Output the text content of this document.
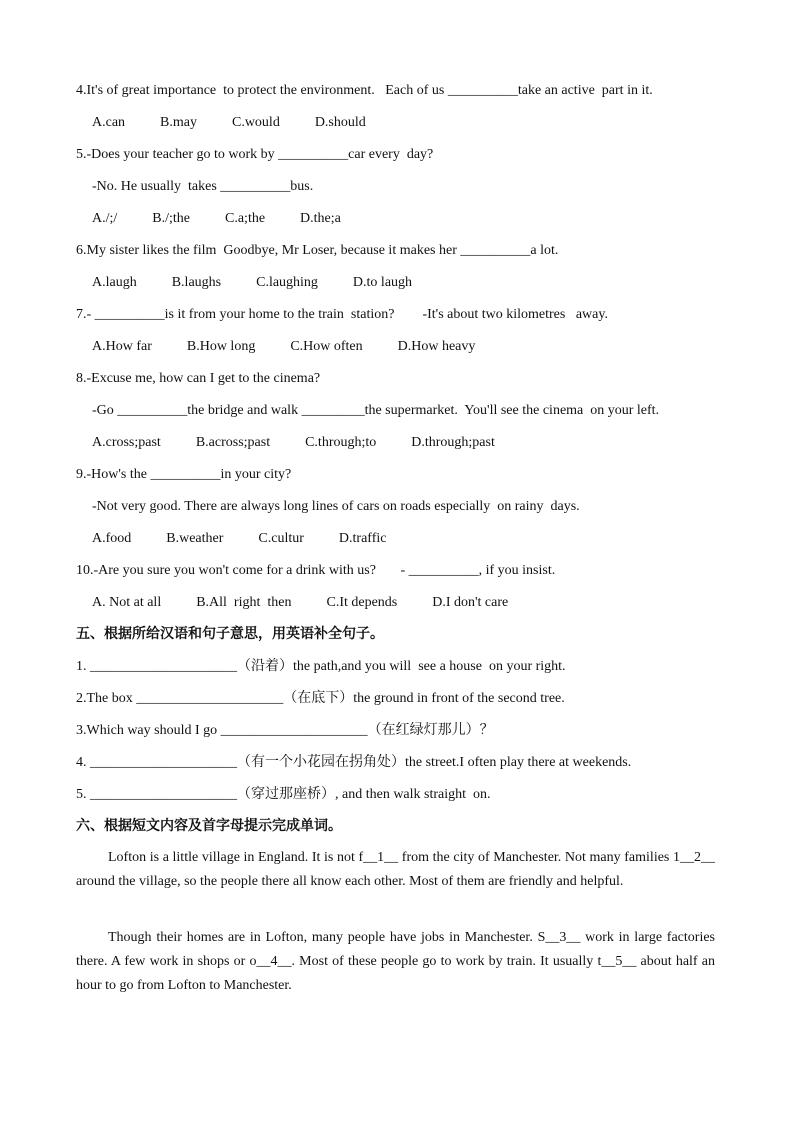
4.It's of great importance  to protect the environment.   Each of us __________take an active  part in it.
A.can          B.may          C.would          D.should
5.-Does your teacher go to work by __________car every  day?
-No. He usually  takes __________bus.
A./;/          B./;the          C.a;the          D.the;a
6.My sister likes the film  Goodbye, Mr Loser, because it makes her __________a lot.
A.laugh          B.laughs          C.laughing          D.to laugh
7.- __________is it from your home to the train  station?        -It's about two kilometres   away.
A.How far          B.How long          C.How often          D.How heavy
8.-Excuse me, how can I get to the cinema?
-Go __________the bridge and walk _________the supermarket.  You'll see the cinema  on your left.
A.cross;past          B.across;past          C.through;to          D.through;past
9.-How's the __________in your city?
-Not very good. There are always long lines of cars on roads especially  on rainy  days.
A.food          B.weather          C.cultur          D.traffic
10.-Are you sure you won't come for a drink with us?       - __________, if you insist.
A. Not at all          B.All  right  then          C.It depends          D.I don't care
五、根据所给汉语和句子意思，用英语补全句子。
1. _____________________（沿着）the path,and you will  see a house  on your right.
2.The box _____________________（在底下）the ground in front of the second tree.
3.Which way should I go _____________________（在红绿灯那儿）？
4. _____________________（有一个小花园在拐角处）the street.I often play there at weekends.
5. _____________________（穿过那座桥）, and then walk straight  on.
六、根据短文内容及首字母提示完成单词。
Lofton is a little village in England. It is not f__1__ from the city of Manchester. Not many families 1__2__ around the village, so the people there all know each other. Most of them are friendly and helpful.
Though their homes are in Lofton, many people have jobs in Manchester. S__3__ work in large factories there. A few work in shops or o__4__. Most of these people go to work by train. It usually t__5__ about half an hour to go from Lofton to Manchester.
